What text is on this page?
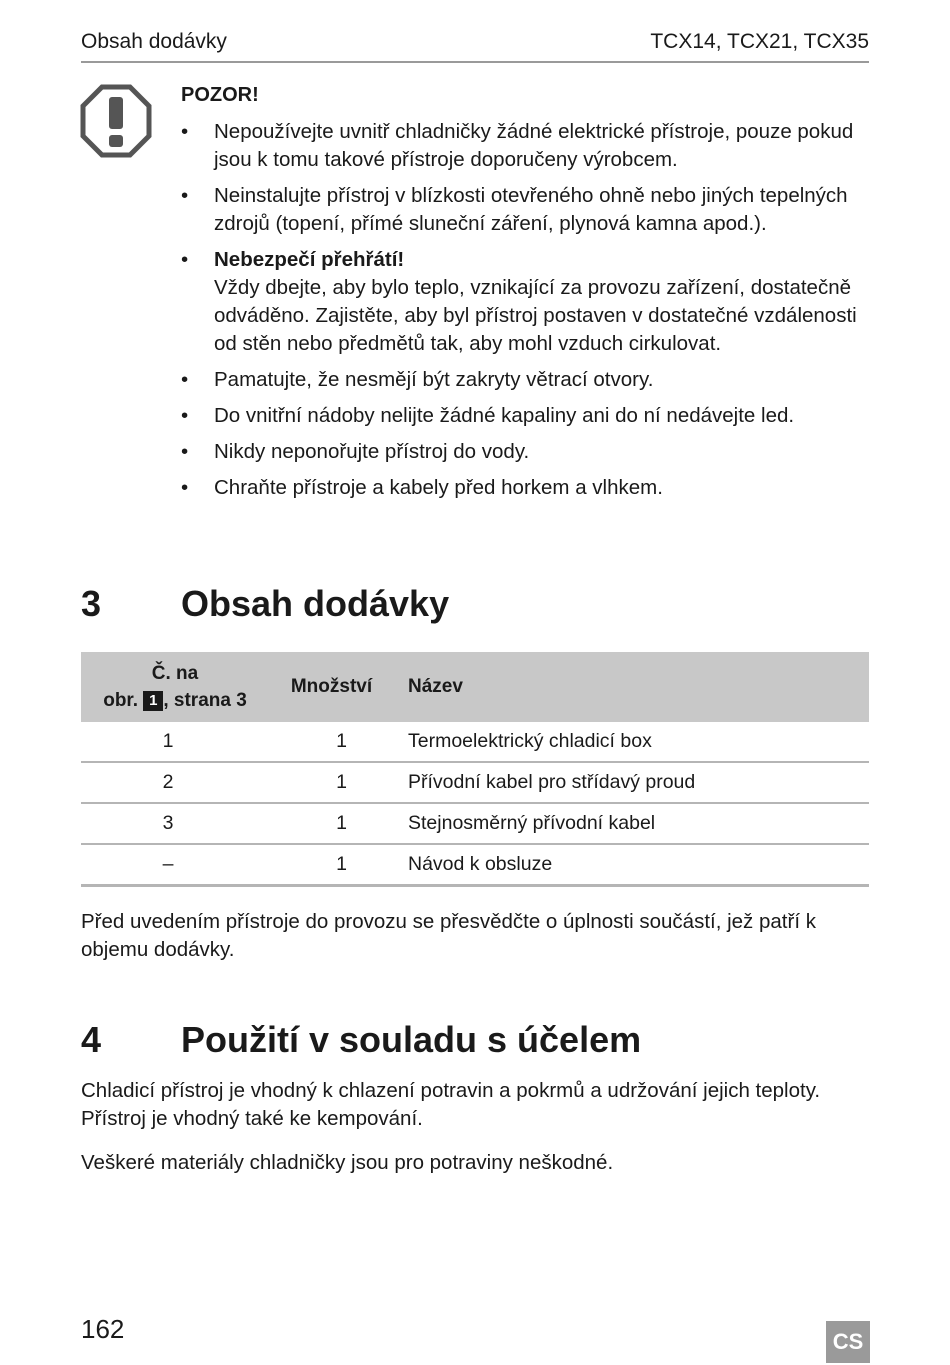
Obsah dodávky	TCX14, TCX21, TCX35
POZOR!
• Nepoužívejte uvnitř chladničky žádné elektrické přístroje, pouze pokud jsou k tomu takové přístroje doporučeny výrobcem.
• Neinstalujte přístroj v blízkosti otevřeného ohně nebo jiných tepelných zdrojů (topení, přímé sluneční záření, plynová kamna apod.).
• Nebezpečí přehřátí!
Vždy dbejte, aby bylo teplo, vznikající za provozu zařízení, dostatečně odváděno. Zajistěte, aby byl přístroj postaven v dostatečné vzdálenosti od stěn nebo předmětů tak, aby mohl vzduch cirkulovat.
• Pamatujte, že nesmějí být zakryty větrací otvory.
• Do vnitřní nádoby nelijte žádné kapaliny ani do ní nedávejte led.
• Nikdy neponořujte přístroj do vody.
• Chraňte přístroje a kabely před horkem a vlhkem.
3 Obsah dodávky
Č. na
obr. 1 , strana 3	Množství	Název
1	1	Termoelektrický chladicí box
2	1	Přívodní kabel pro střídavý proud
3	1	Stejnosměrný přívodní kabel
–	1	Návod k obsluze

Před uvedením přístroje do provozu se přesvědčte o úplnosti součástí, jež patří k objemu dodávky.

4 Použití v souladu s účelem

Chladicí přístroj je vhodný k chlazení potravin a pokrmů a udržování jejich teploty. Přístroj je vhodný také ke kempování.

Veškeré materiály chladničky jsou pro potraviny neškodné.

162	CS
